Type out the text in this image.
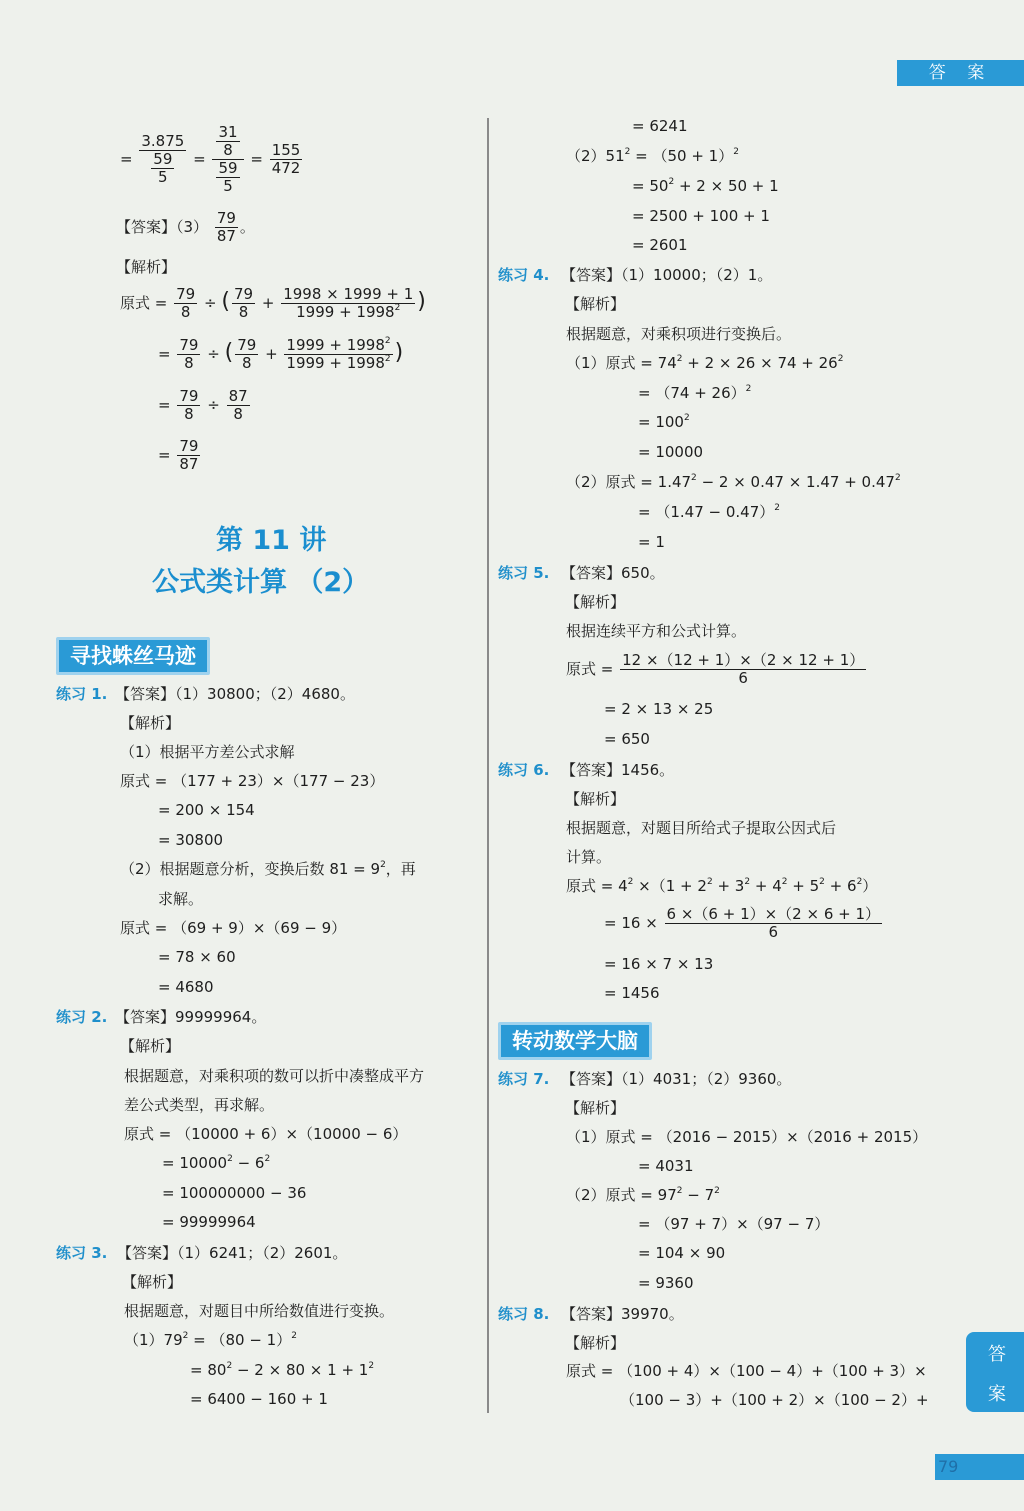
答 案
答
案
79
= $\frac{3.875}{\frac{59}{5}} = \frac{\frac{31}{8}}{\frac{59}{5}} = \frac{155}{472}$
【答案】$(3) \frac{79}{87}$ 。
【解析】
原式 = $\frac{79}{8}$ ÷ ( $\frac{79}{8} + \frac{1998 \times 1999 + 1}{1999 + 1998^2}$ )
= $\frac{79}{8}$ ÷ ( $\frac{79}{8} + \frac{1999 + 1998^2}{1999 + 1998^2}$ )
= $\frac{79}{8} \div \frac{87}{8}$
= $\frac{79}{87}$
第 11 讲
公式类计算 （2）
寻找蛛丝马迹
练习 1. 【答案】（1）30800；（2）4680。
【解析】
（1）根据平方差公式求解
原式 = （177 + 23）×（177 − 23）
= 200 × 154
= 30800
（2）根据题意分析，变换后数 $81 = 9^2$，再
求解。
原式 = （69 + 9）×（69 − 9）
= 78 × 60
= 4680
练习 2. 【答案】99999964。
【解析】
根据题意，对乘积项的数可以折中凑整成平方
差公式类型，再求解。
原式 = （10000 + 6）×（10000 − 6）
= $10000^2 - 6^2$
= 100000000 − 36
= 99999964
练习 3. 【答案】（1）6241；（2）2601。
【解析】
根据题意，对题目中所给数值进行变换。
$(1)79^2 = (80 - 1)^2$
= $80^2 - 2 \times 80 \times 1 + 1^2$
= 6400 − 160 + 1
= 6241
$(2)51^2 = (50 + 1)^2$
= $50^2 + 2 \times 50 + 1$
= 2500 + 100 + 1
= 2601
练习 4. 【答案】（1）10000；（2）1。
【解析】
根据题意，对乘积项进行变换后。
（1）原式 = $74^2 + 2 \times 26 \times 74 + 26^2$
= $(74 + 26)^2$
= $100^2$
= 10000
（2）原式 = $1.47^2 - 2 \times 0.47 \times 1.47 + 0.47^2$
= $(1.47 - 0.47)^2$
= 1
练习 5. 【答案】650。
【解析】
根据连续平方和公式计算。
原式 = $\frac{12 \times(12 + 1)\times(2 \times 12 + 1)}{6}$
= 2 × 13 × 25
= 650
练习 6. 【答案】1456。
【解析】
根据题意，对题目所给式子提取公因式后
计算。
原式 = $4^2 \times(1 + 2^2 + 3^2 + 4^2 + 5^2 + 6^2)$
= $16 \times \frac{6 \times(6 + 1)\times(2 \times 6 + 1)}{6}$
= 16 × 7 × 13
= 1456
转动数学大脑
练习 7. 【答案】（1）4031；（2）9360。
【解析】
（1）原式 = （2016 − 2015）×（2016 + 2015）
= 4031
（2）原式 = $97^2 - 7^2$
= （97 + 7）×（97 − 7）
= 104 × 90
= 9360
练习 8. 【答案】39970。
【解析】
原式 = （100 + 4）×（100 − 4）+（100 + 3）×
（100 − 3）+（100 + 2）×（100 − 2）+
